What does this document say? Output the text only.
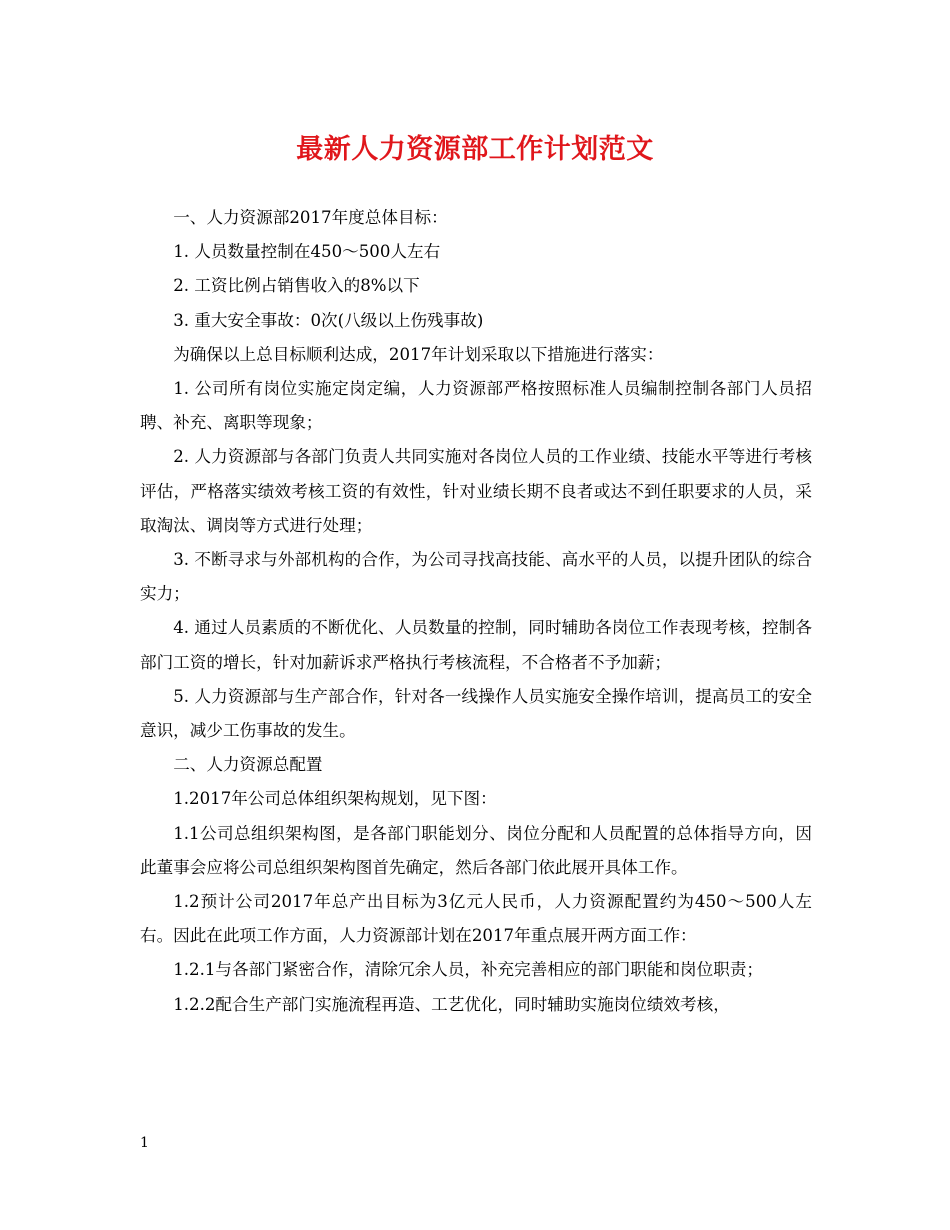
最新人力资源部工作计划范文

一、人力资源部2017年度总体目标：

1. 人员数量控制在450～500人左右

2. 工资比例占销售收入的8%以下

3. 重大安全事故：0次(八级以上伤残事故)

为确保以上总目标顺利达成，2017年计划采取以下措施进行落实：

1. 公司所有岗位实施定岗定编，人力资源部严格按照标准人员编制控制各部门人员招聘、补充、离职等现象；

2. 人力资源部与各部门负责人共同实施对各岗位人员的工作业绩、技能水平等进行考核评估，严格落实绩效考核工资的有效性，针对业绩长期不良者或达不到任职要求的人员，采取淘汰、调岗等方式进行处理；

3. 不断寻求与外部机构的合作，为公司寻找高技能、高水平的人员，以提升团队的综合实力；

4. 通过人员素质的不断优化、人员数量的控制，同时辅助各岗位工作表现考核，控制各部门工资的增长，针对加薪诉求严格执行考核流程，不合格者不予加薪；

5. 人力资源部与生产部合作，针对各一线操作人员实施安全操作培训，提高员工的安全意识，减少工伤事故的发生。

二、人力资源总配置

1.2017年公司总体组织架构规划，见下图：

1.1公司总组织架构图，是各部门职能划分、岗位分配和人员配置的总体指导方向，因此董事会应将公司总组织架构图首先确定，然后各部门依此展开具体工作。

1.2预计公司2017年总产出目标为3亿元人民币，人力资源配置约为450～500人左右。因此在此项工作方面，人力资源部计划在2017年重点展开两方面工作：

1.2.1与各部门紧密合作，清除冗余人员，补充完善相应的部门职能和岗位职责；

1.2.2配合生产部门实施流程再造、工艺优化，同时辅助实施岗位绩效考核，

1
